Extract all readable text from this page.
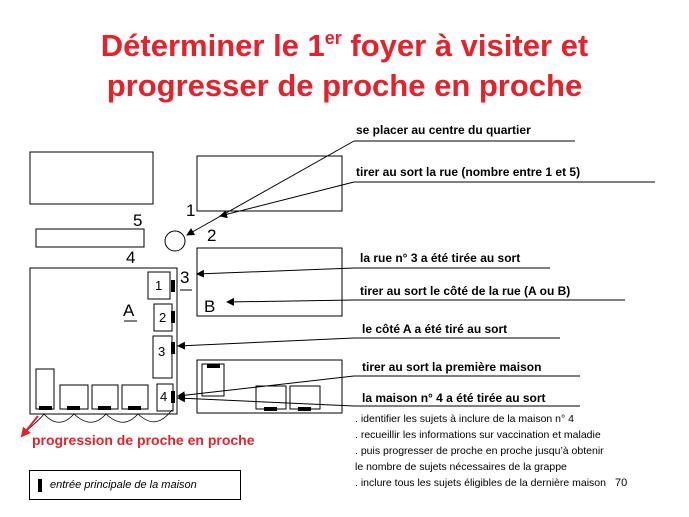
Déterminer le 1er foyer à visiter et
progresser de proche en proche
se placer au centre du quartier
tirer au sort la rue (nombre entre 1 et 5)
la rue n° 3 a été tirée au sort
tirer au sort le côté de la rue (A ou B)
le côté A a été tiré au sort
tirer au sort la première maison
la maison n° 4 a été tirée au sort
1
2
3
4
5
A	B
1
2
3
4
. identifier les sujets à inclure de la maison n° 4
. recueillir les informations sur vaccination et maladie
. puis progresser de proche en proche jusqu’à obtenir
le nombre de sujets nécessaires de la grappe
. inclure tous les sujets éligibles de la dernière maison
progression de proche en proche
entrée principale de la maison	70
